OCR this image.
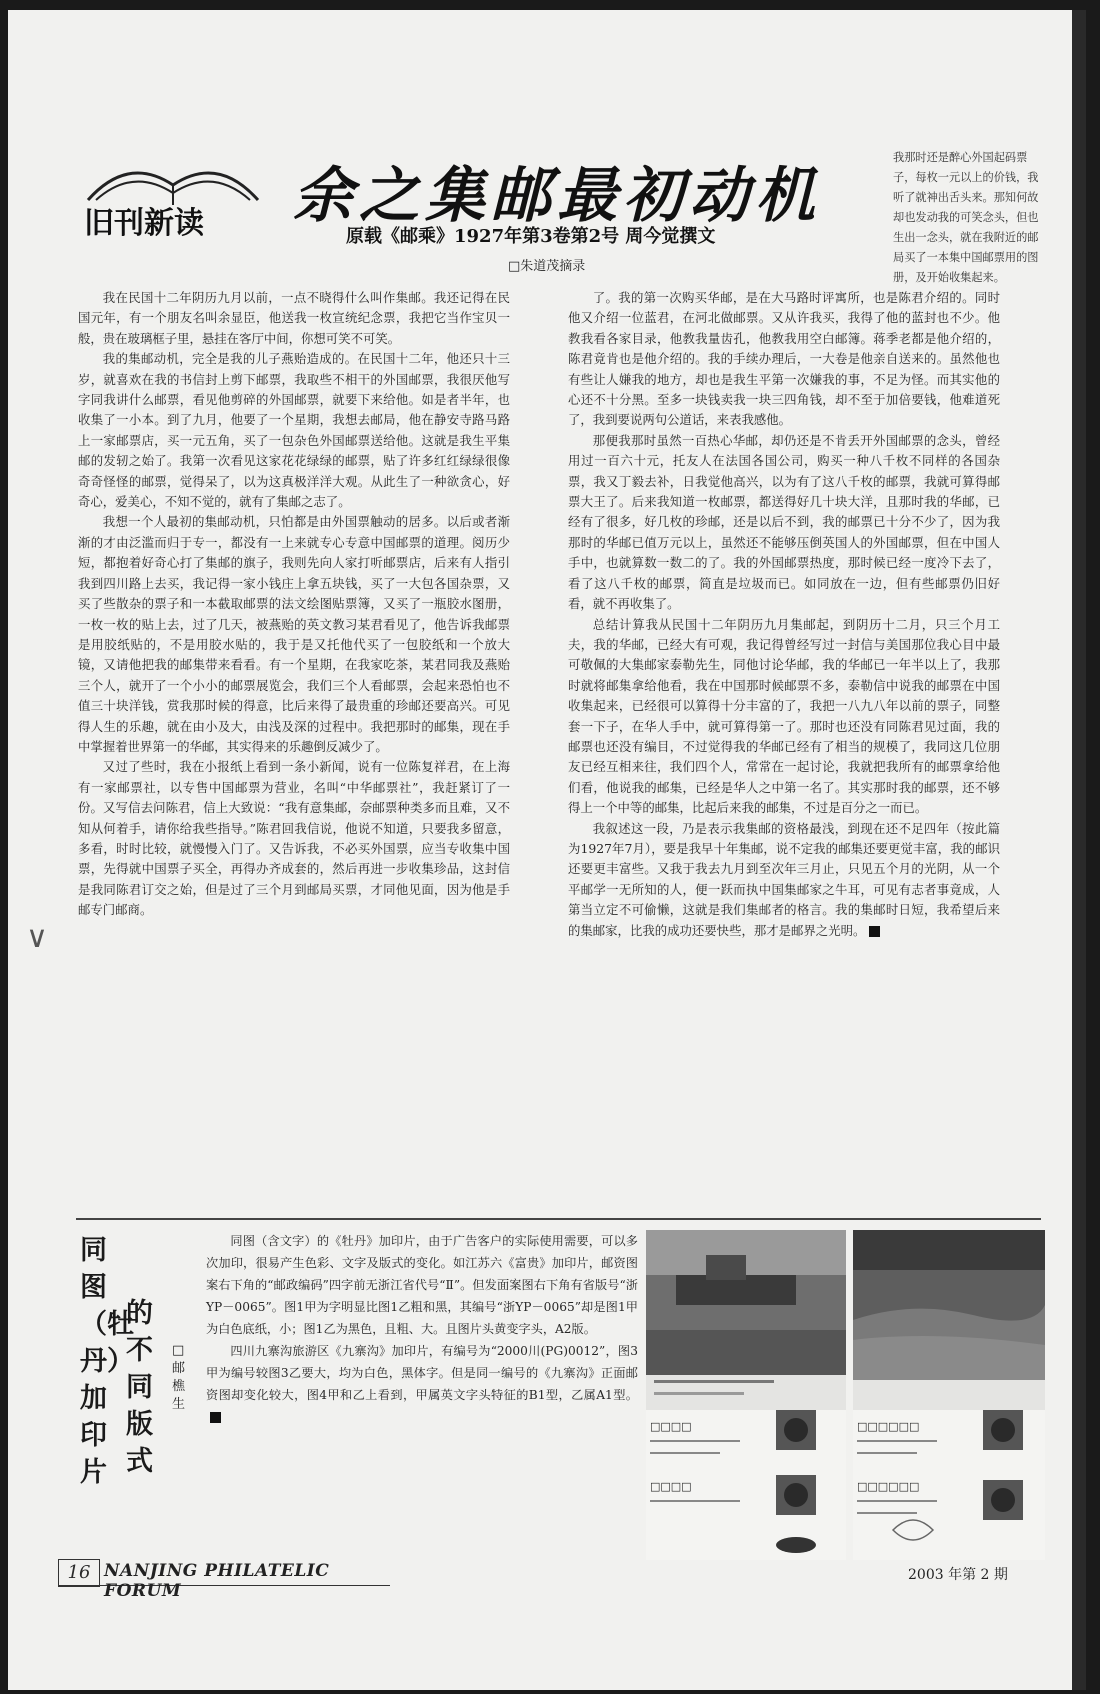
旧刊新读 余之集邮最初动机

原载《邮乘》1927年第3卷第2号 周今觉撰文

□朱道茂摘录

我那时还是醉心外国起码票子，每枚一元以上的价钱，我听了就神出舌头来。那知何故却也发动我的可笑念头，但也生出一念头，就在我附近的邮局买了一本集中国邮票用的图册，及开始收集起来。

我在民国十二年阴历九月以前，一点不晓得什么叫作集邮。我还记得在民国元年，有一个朋友名叫余显臣，他送我一枚宣统纪念票，我把它当作宝贝一般，贵在玻璃框子里，悬挂在客厅中间，你想可笑不可笑。

我的集邮动机，完全是我的儿子燕贻造成的。在民国十二年，他还只十三岁，就喜欢在我的书信封上剪下邮票，我取些不相干的外国邮票，我很厌他写字同我讲什么邮票，看见他剪碎的外国邮票，就要下来给他。如是者半年，也收集了一小本。到了九月，他要了一个星期，我想去邮局，他在静安寺路马路上一家邮票店，买一元五角，买了一包杂色外国邮票送给他。这就是我生平集邮的发轫之始了。我第一次看见这家花花绿绿的邮票，贴了许多红红绿绿很像奇奇怪怪的邮票，觉得呆了，以为这真极洋洋大观。从此生了一种欲贪心，好奇心，爱美心，不知不觉的，就有了集邮之志了。

我想一个人最初的集邮动机，只怕都是由外国票触动的居多。以后或者渐渐的才由泛滥而归于专一，都没有一上来就专心专意中国邮票的道理。阅历少短，都抱着好奇心打了集邮的旗子，我则先向人家打听邮票店，后来有人指引我到四川路上去买，我记得一家小钱庄上拿五块钱，买了一大包各国杂票，又买了些散杂的票子和一本截取邮票的法文绘图贴票簿，又买了一瓶胶水图册，一枚一枚的贴上去，过了几天，被燕贻的英文教习某君看见了，他告诉我邮票是用胶纸贴的，不是用胶水贴的，我于是又托他代买了一包胶纸和一个放大镜，又请他把我的邮集带来看看。有一个星期，在我家吃茶，某君同我及燕贻三个人，就开了一个小小的邮票展览会，我们三个人看邮票，会起来恐怕也不值三十块洋钱，赏我那时候的得意，比后来得了最贵重的珍邮还要高兴。可见得人生的乐趣，就在由小及大，由浅及深的过程中。我把那时的邮集，现在手中掌握着世界第一的华邮，其实得来的乐趣倒反减少了。

又过了些时，我在小报纸上看到一条小新闻，说有一位陈复祥君，在上海有一家邮票社，以专售中国邮票为营业，名叫“中华邮票社”，我赶紧订了一份。又写信去问陈君，信上大致说：“我有意集邮，奈邮票种类多而且难，又不知从何着手，请你给我些指导。”陈君回我信说，他说不知道，只要我多留意，多看，时时比较，就慢慢入门了。又告诉我，不必买外国票，应当专收集中国票，先得就中国票子买全，再得办齐成套的，然后再进一步收集珍品，这封信是我同陈君订交之始，但是过了三个月到邮局买票，才同他见面，因为他是手邮专门邮商。

了。我的第一次购买华邮，是在大马路时评寓所，也是陈君介绍的。同时他又介绍一位蓝君，在河北做邮票。又从许我买，我得了他的蓝封也不少。他教我看各家目录，他教我量齿孔，他教我用空白邮簿。蒋季老都是他介绍的，陈君竟肯也是他介绍的。我的手续办理后，一大卷是他亲自送来的。虽然他也有些让人嫌我的地方，却也是我生平第一次嫌我的事，不足为怪。而其实他的心还不十分黑。至多一块钱卖我一块三四角钱，却不至于加倍要钱，他难道死了，我到要说两句公道话，来表我感他。

那便我那时虽然一百热心华邮，却仍还是不肯丢开外国邮票的念头，曾经用过一百六十元，托友人在法国各国公司，购买一种八千枚不同样的各国杂票，我又丁毅去补，日我觉他高兴，以为有了这八千枚的邮票，我就可算得邮票大王了。后来我知道一枚邮票，都送得好几十块大洋，且那时我的华邮，已经有了很多，好几枚的珍邮，还是以后不到，我的邮票已十分不少了，因为我那时的华邮已值万元以上，虽然还不能够压倒英国人的外国邮票，但在中国人手中，也就算数一数二的了。我的外国邮票热度，那时候已经一度冷下去了，看了这八千枚的邮票，简直是垃圾而已。如同放在一边，但有些邮票仍旧好看，就不再收集了。

总结计算我从民国十二年阴历九月集邮起，到阴历十二月，只三个月工夫，我的华邮，已经大有可观，我记得曾经写过一封信与美国那位我心目中最可敬佩的大集邮家泰勒先生，同他讨论华邮，我的华邮已一年半以上了，我那时就将邮集拿给他看，我在中国那时候邮票不多，泰勒信中说我的邮票在中国收集起来，已经很可以算得十分丰富的了，我把一八九八年以前的票子，同整套一下子，在华人手中，就可算得第一了。那时也还没有同陈君见过面，我的邮票也还没有编目，不过觉得我的华邮已经有了相当的规模了，我同这几位朋友已经互相来往，我们四个人，常常在一起讨论，我就把我所有的邮票拿给他们看，他说我的邮集，已经是华人之中第一名了。其实那时我的邮票，还不够得上一个中等的邮集，比起后来我的邮集，不过是百分之一而已。

我叙述这一段，乃是表示我集邮的资格最浅，到现在还不足四年（按此篇为1927年7月），要是我早十年集邮，说不定我的邮集还要更觉丰富，我的邮识还要更丰富些。又我于我去九月到至次年三月止，只见五个月的光阴，从一个平邮学一无所知的人，便一跃而执中国集邮家之牛耳，可见有志者事竟成，人第当立定不可偷懒，这就是我们集邮者的格言。我的集邮时日短，我希望后来的集邮家，比我的成功还要快些，那才是邮界之光明。

∨

同图（牡丹）加印片

的不同版式

□邮樵生

同图（含文字）的《牡丹》加印片，由于广告客户的实际使用需要，可以多次加印，很易产生色彩、文字及版式的变化。如江苏六《富贵》加印片，邮资图案右下角的“邮政编码”四字前无浙江省代号“Ⅱ”。但发面案图右下角有省版号“浙YP－0065”。图1甲为字明显比图1乙粗和黑，其编号“浙YP－0065”却是图1甲为白色底纸，小；图1乙为黑色，且粗、大。且图片头黄变字头，A2版。

四川九寨沟旅游区《九寨沟》加印片，有编号为“2000川(PG)0012”，图3甲为编号较图3乙要大，均为白色，黑体字。但是同一编号的《九寨沟》正面邮资图却变化较大，图4甲和乙上看到，甲属英文字头特征的B1型，乙属A1型。

□□□□
□□□□
□□□□□□
□□□□□□
16 NANJING PHILATELIC FORUM
2003 年第 2 期
